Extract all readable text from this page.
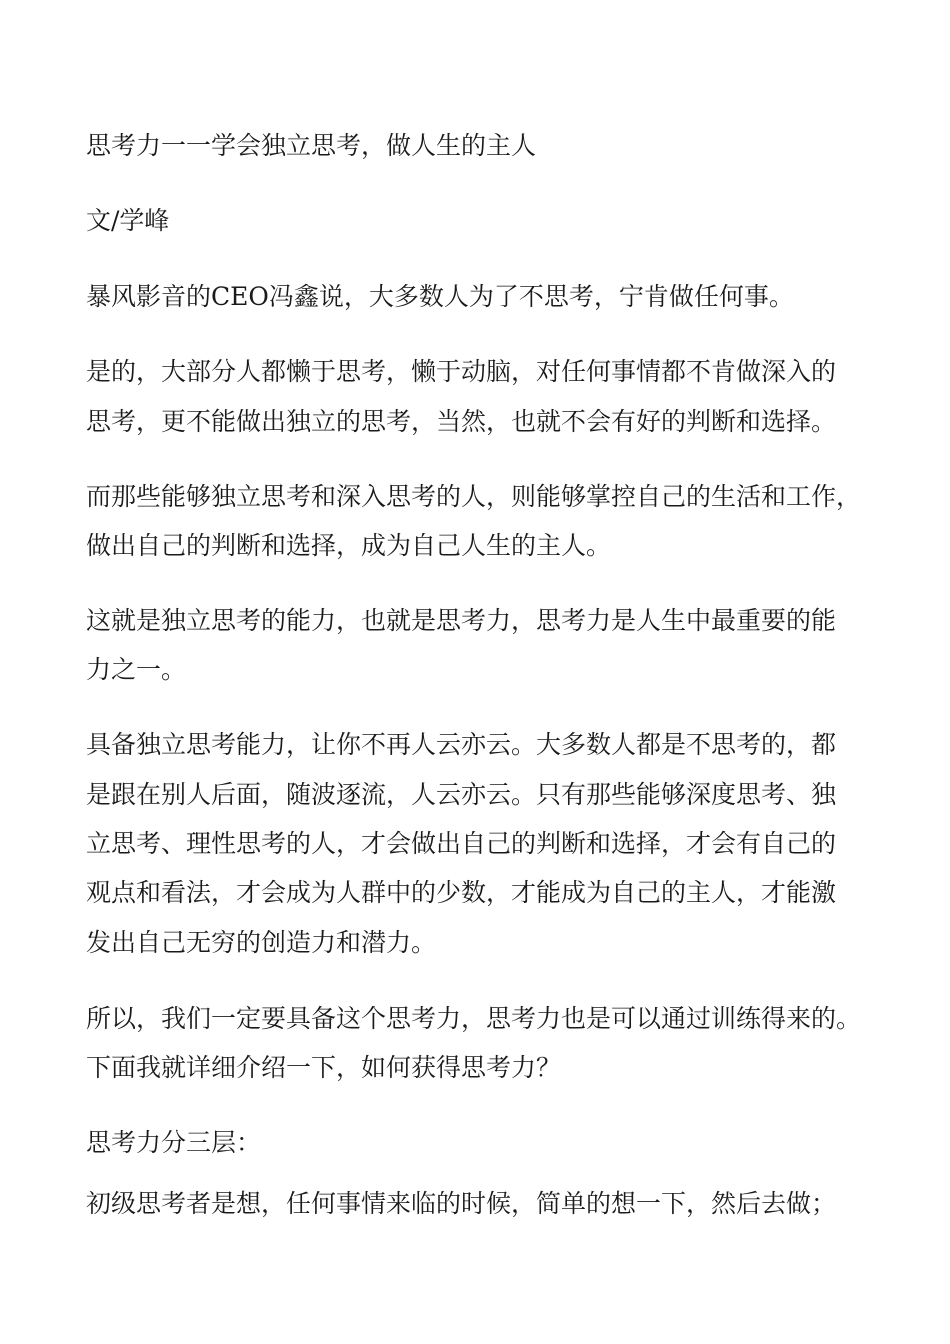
思考力一一学会独立思考，做人生的主人

文/学峰

暴风影音的CEO冯鑫说，大多数人为了不思考，宁肯做任何事。

是的，大部分人都懒于思考，懒于动脑，对任何事情都不肯做深入的

思考，更不能做出独立的思考，当然，也就不会有好的判断和选择。

而那些能够独立思考和深入思考的人，则能够掌控自己的生活和工作，

做出自己的判断和选择，成为自己人生的主人。

这就是独立思考的能力，也就是思考力，思考力是人生中最重要的能

力之一。

具备独立思考能力，让你不再人云亦云。大多数人都是不思考的，都

是跟在别人后面，随波逐流，人云亦云。只有那些能够深度思考、独

立思考、理性思考的人，才会做出自己的判断和选择，才会有自己的

观点和看法，才会成为人群中的少数，才能成为自己的主人，才能激

发出自己无穷的创造力和潜力。

所以，我们一定要具备这个思考力，思考力也是可以通过训练得来的。

下面我就详细介绍一下，如何获得思考力？

思考力分三层：

初级思考者是想，任何事情来临的时候，简单的想一下，然后去做；
